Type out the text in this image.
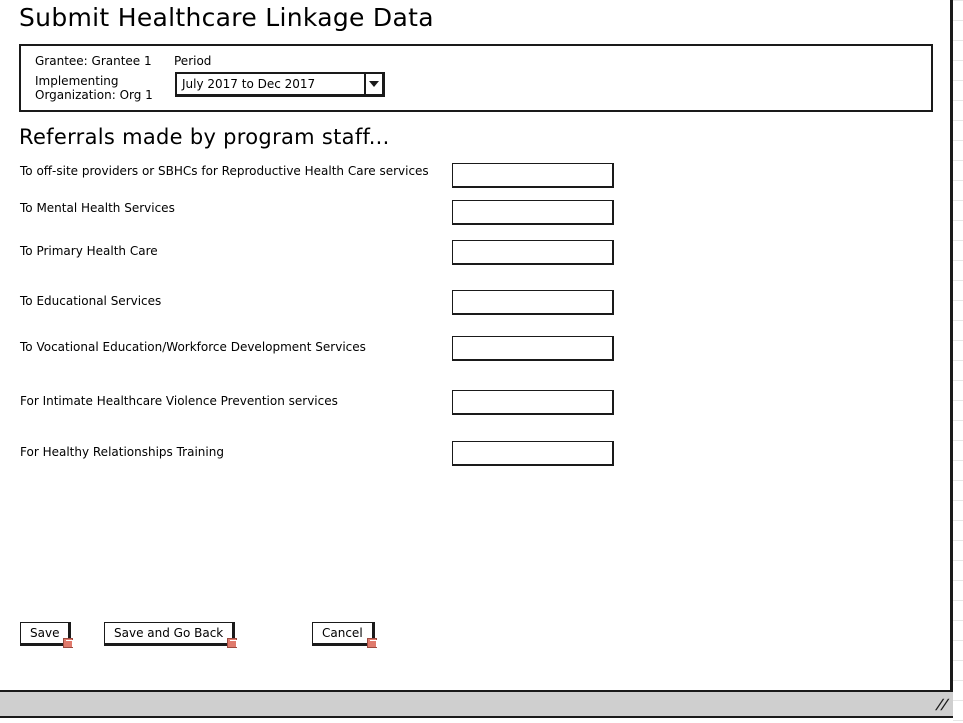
Submit Healthcare Linkage Data
Grantee: Grantee 1
Implementing
Organization: Org 1
Period
July 2017 to Dec 2017
Referrals made by program staff...
To off-site providers or SBHCs for Reproductive Health Care services
To Mental Health Services
To Primary Health Care
To Educational Services
To Vocational Education/Workforce Development Services
For Intimate Healthcare Violence Prevention services
For Healthy Relationships Training
Save	Save and Go Back	Cancel
//
